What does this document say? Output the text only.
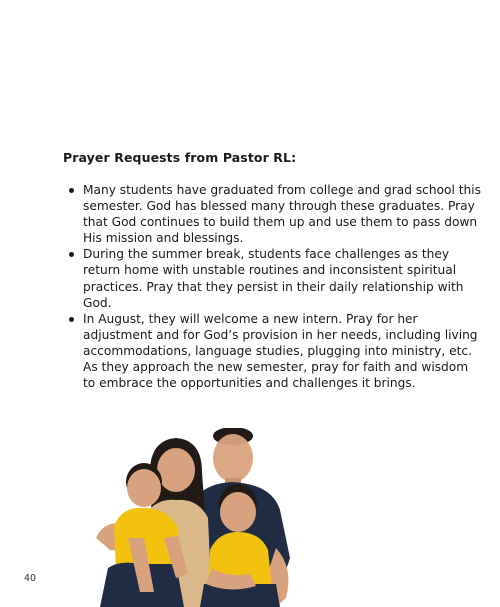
Prayer Requests from Pastor RL:
Many students have graduated from college and grad school this semester. God has blessed many through these graduates. Pray that God continues to build them up and use them to pass down His mission and blessings.
During the summer break, students face challenges as they return home with unstable routines and inconsistent spiritual practices. Pray that they persist in their daily relationship with God.
In August, they will welcome a new intern. Pray for her adjustment and for God’s provision in her needs, including living accommodations, language studies, plugging into ministry, etc. As they approach the new semester, pray for faith and wisdom to embrace the opportunities and challenges it brings.
40
